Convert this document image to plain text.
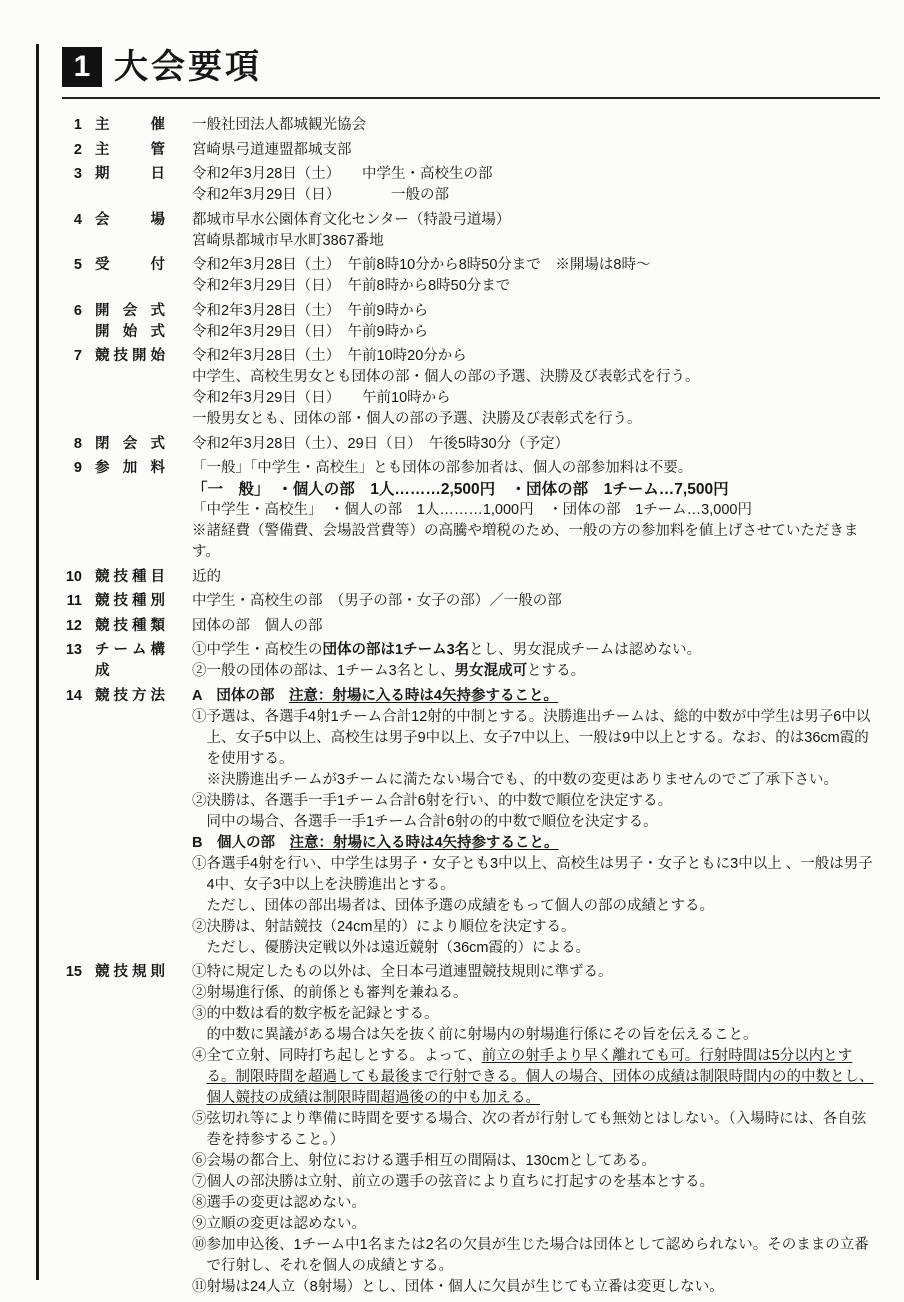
1 大会要項
1 主催 一般社団法人都城観光協会
2 主管 宮崎県弓道連盟都城支部
3 期日 令和2年3月28日（土）　　中学生・高校生の部
令和2年3月29日（日）　　　　一般の部
4 会場 都城市早水公園体育文化センター（特設弓道場）
宮崎県都城市早水町3867番地
5 受付 令和2年3月28日（土）　午前8時10分から8時50分まで　※開場は8時～
令和2年3月29日（日）　午前8時から8時50分まで
6 開会式
開始式
令和2年3月28日（土）　午前9時から
令和2年3月29日（日）　午前9時から
7 競技開始 令和2年3月28日（土）　午前10時20分から
中学生、高校生男女とも団体の部・個人の部の予選、決勝及び表彰式を行う。
令和2年3月29日（日）　　午前10時から
一般男女とも、団体の部・個人の部の予選、決勝及び表彰式を行う。
8 閉会式 令和2年3月28日（土）、29日（日）　午後5時30分（予定）
9 参加料 「一般」「中学生・高校生」とも団体の部参加者は、個人の部参加料は不要。
「一　般」　・個人の部　1人………2,500円　・団体の部　1チーム…7,500円
「中学生・高校生」　・個人の部　1人………1,000円　・団体の部　1チーム…3,000円
※諸経費（警備費、会場設営費等）の高騰や増税のため、一般の方の参加料を値上げさせていただきます。
10 競技種目 近的
11 競技種別 中学生・高校生の部　（男子の部・女子の部）／一般の部
12 競技種類 団体の部　個人の部
13 チーム構成
①中学生・高校生の団体の部は1チーム3名とし、男女混成チームは認めない。
②一般の団体の部は、1チーム3名とし、男女混成可とする。
14 競技方法 A　団体の部　注意：射場に入る時は4矢持参すること。
①予選は、各選手4射1チーム合計12射的中制とする。決勝進出チームは、総的中数が中学生は男子6中以上、女子5中以上、高校生は男子9中以上、女子7中以上、一般は9中以上とする。なお、的は36cm霞的を使用する。
※決勝進出チームが3チームに満たない場合でも、的中数の変更はありませんのでご了承下さい。
②決勝は、各選手一手1チーム合計6射を行い、的中数で順位を決定する。
同中の場合、各選手一手1チーム合計6射の的中数で順位を決定する。
B　個人の部　注意：射場に入る時は4矢持参すること。
①各選手4射を行い、中学生は男子・女子とも3中以上、高校生は男子・女子ともに3中以上 、一般は男子4中、女子3中以上を決勝進出とする。
ただし、団体の部出場者は、団体予選の成績をもって個人の部の成績とする。
②決勝は、射詰競技（24cm星的）により順位を決定する。
ただし、優勝決定戦以外は遠近競射（36cm霞的）による。
15 競技規則 ①特に規定したもの以外は、全日本弓道連盟競技規則に準ずる。
②射場進行係、的前係とも審判を兼ねる。
③的中数は看的数字板を記録とする。
的中数に異議がある場合は矢を抜く前に射場内の射場進行係にその旨を伝えること。
④全て立射、同時打ち起しとする。よって、前立の射手より早く離れても可。行射時間は5分以内とする。制限時間を超過しても最後まで行射できる。個人の場合、団体の成績は制限時間内の的中数とし、個人競技の成績は制限時間超過後の的中も加える。
⑤弦切れ等により準備に時間を要する場合、次の者が行射しても無効とはしない。（入場時には、各自弦巻を持参すること。）
⑥会場の都合上、射位における選手相互の間隔は、130cmとしてある。
⑦個人の部決勝は立射、前立の選手の弦音により直ちに打起すのを基本とする。
⑧選手の変更は認めない。
⑨立順の変更は認めない。
⑩参加申込後、1チーム中1名または2名の欠員が生じた場合は団体として認められない。そのままの立番で行射し、それを個人の成績とする。
⑪射場は24人立（8射場）とし、団体・個人に欠員が生じても立番は変更しない。
